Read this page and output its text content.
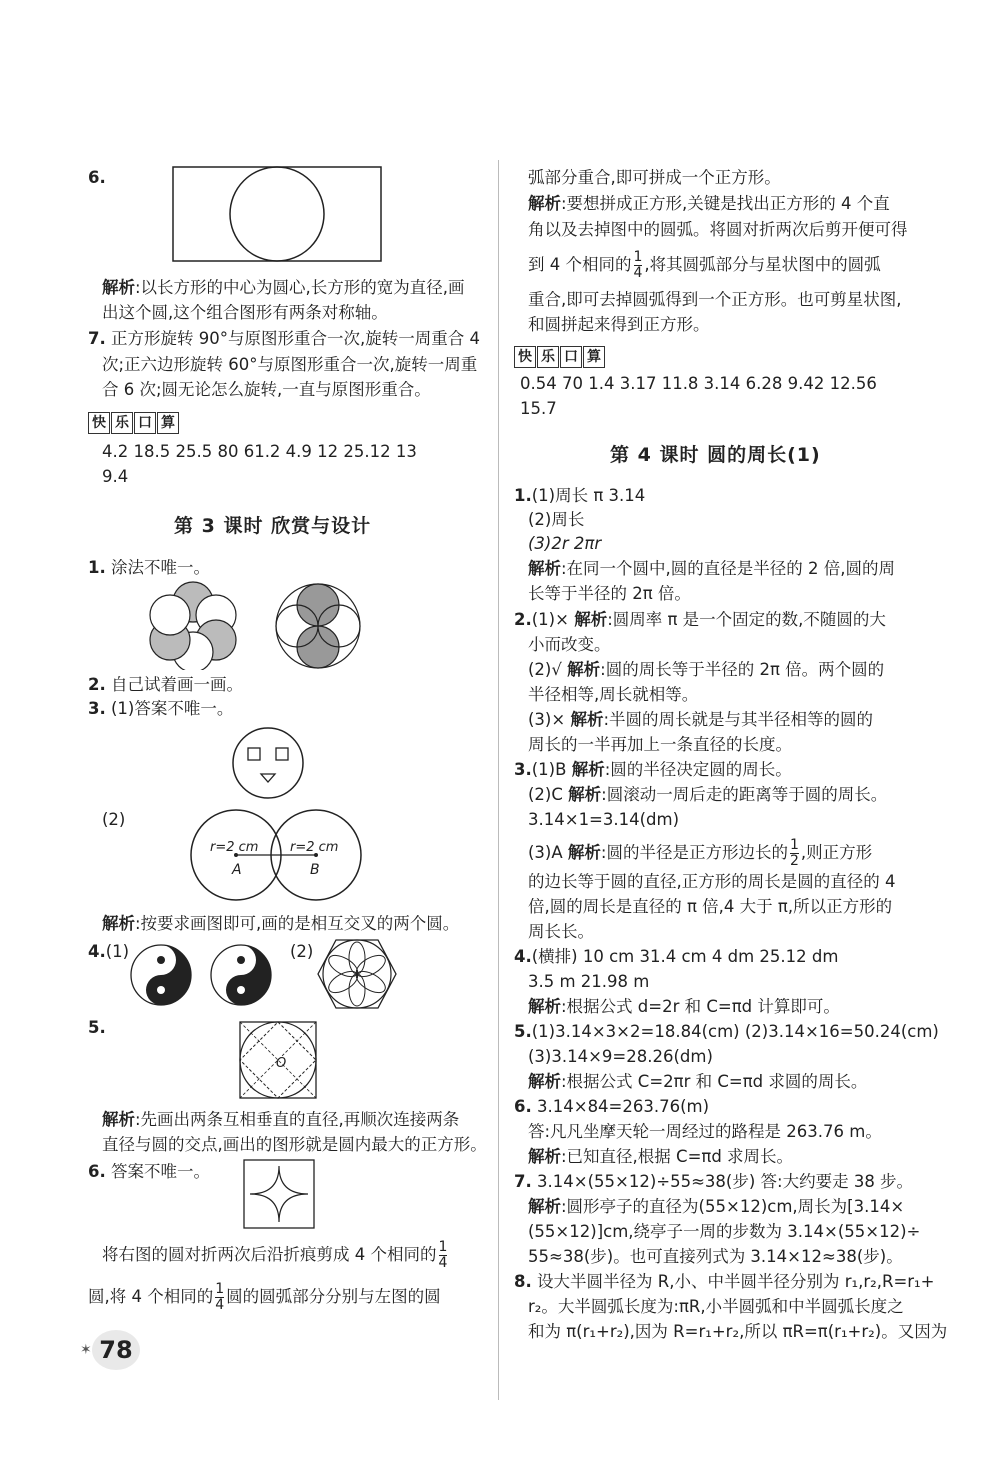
✶ 78
6.
解析:以长方形的中心为圆心,长方形的宽为直径,画
出这个圆,这个组合图形有两条对称轴。
7. 正方形旋转 90°与原图形重合一次,旋转一周重合 4
次;正六边形旋转 60°与原图形重合一次,旋转一周重
合 6 次;圆无论怎么旋转,一直与原图形重合。
快 乐 口 算
4.2 18.5 25.5 80 61.2 4.9 12 25.12 13
9.4
第 3 课时 欣赏与设计
1. 涂法不唯一。
2. 自己试着画一画。
3. (1)答案不唯一。
(2)
r=2 cm r=2 cm
A	B
解析:按要求画图即可,画的是相互交叉的两个圆。
4.(1)	(2)
5.
O
解析:先画出两条互相垂直的直径,再顺次连接两条
直径与圆的交点,画出的图形就是圆内最大的正方形。
6. 答案不唯一。
将右图的圆对折两次后沿折痕剪成 4 个相同的 $\frac{1}{4}$
圆,将 4 个相同的 $\frac{1}{4}$ 圆的圆弧部分分别与左图的圆
弧部分重合,即可拼成一个正方形。
解析:要想拼成正方形,关键是找出正方形的 4 个直
角以及去掉图中的圆弧。将圆对折两次后剪开便可得
到 4 个相同的 $\frac{1}{4}$ ,将其圆弧部分与星状图中的圆弧
重合,即可去掉圆弧得到一个正方形。也可剪星状图,
和圆拼起来得到正方形。
快 乐 口 算
0.54 70 1.4 3.17 11.8 3.14 6.28 9.42 12.56
15.7
第 4 课时 圆的周长(1)
1.(1)周长 π 3.14
(2)周长
(3)2r 2πr
解析:在同一个圆中,圆的直径是半径的 2 倍,圆的周
长等于半径的 2π 倍。
2.(1)× 解析:圆周率 π 是一个固定的数,不随圆的大
小而改变。
(2)√ 解析:圆的周长等于半径的 2π 倍。两个圆的
半径相等,周长就相等。
(3)× 解析:半圆的周长就是与其半径相等的圆的
周长的一半再加上一条直径的长度。
3.(1)B 解析:圆的半径决定圆的周长。
(2)C 解析:圆滚动一周后走的距离等于圆的周长。
3.14×1=3.14(dm)
(3)A 解析:圆的半径是正方形边长的 $\frac{1}{2}$ ,则正方形
的边长等于圆的直径,正方形的周长是圆的直径的 4
倍,圆的周长是直径的 π 倍,4 大于 π,所以正方形的
周长长。
4.(横排) 10 cm 31.4 cm 4 dm 25.12 dm
3.5 m 21.98 m
解析:根据公式 d=2r 和 C=πd 计算即可。
5.(1)3.14×3×2=18.84(cm) (2)3.14×16=50.24(cm)
(3)3.14×9=28.26(dm)
解析:根据公式 C=2πr 和 C=πd 求圆的周长。
6. 3.14×84=263.76(m)
答:凡凡坐摩天轮一周经过的路程是 263.76 m。
解析:已知直径,根据 C=πd 求周长。
7. 3.14×(55×12)÷55≈38(步) 答:大约要走 38 步。
解析:圆形亭子的直径为(55×12)cm,周长为[3.14×
(55×12)]cm,绕亭子一周的步数为 3.14×(55×12)÷
55≈38(步)。也可直接列式为 3.14×12≈38(步)。
8. 设大半圆半径为 R,小、中半圆半径分别为 r₁,r₂,R=r₁+
r₂。大半圆弧长度为:πR,小半圆弧和中半圆弧长度之
和为 π(r₁+r₂),因为 R=r₁+r₂,所以 πR=π(r₁+r₂)。又因为
